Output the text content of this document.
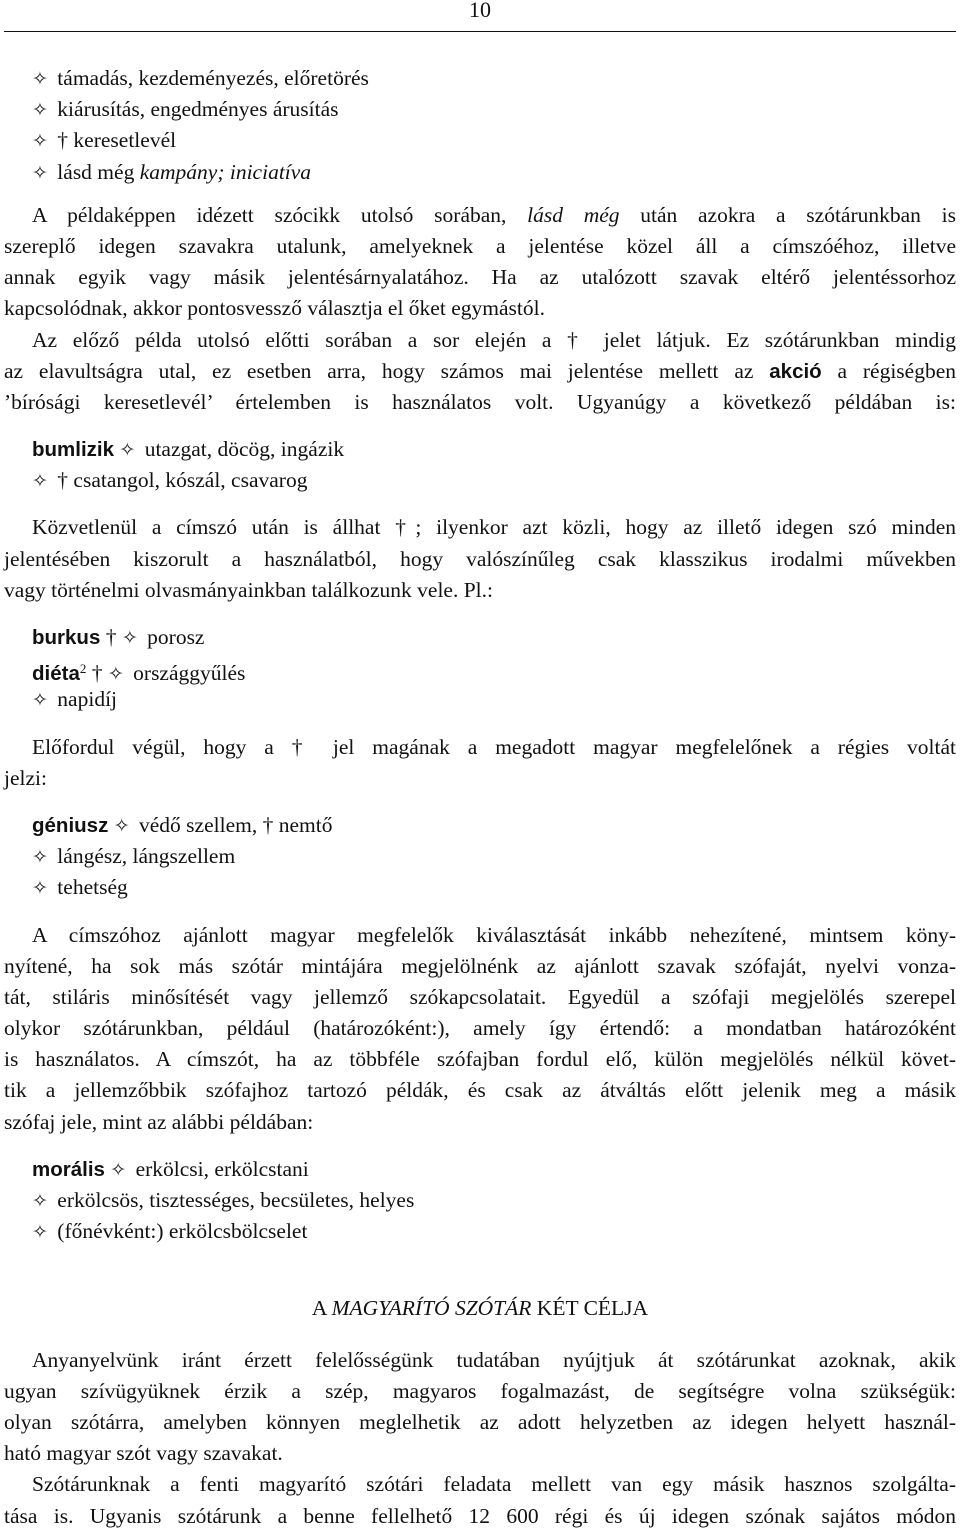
10
✧ támadás, kezdeményezés, előretörés
✧ kiárusítás, engedményes árusítás
✧ † keresetlevél
✧ lásd még kampány; iniciatíva
A példaképpen idézett szócikk utolsó sorában, lásd még után azokra a szótárunkban is
szereplő idegen szavakra utalunk, amelyeknek a jelentése közel áll a címszóéhoz, illetve
annak egyik vagy másik jelentésárnyalatához. Ha az utalózott szavak eltérő jelentéssorhoz
kapcsolódnak, akkor pontosvessző választja el őket egymástól.
Az előző példa utolsó előtti sorában a sor elején a † jelet látjuk. Ez szótárunkban mindig
az elavultságra utal, ez esetben arra, hogy számos mai jelentése mellett az akció a régiségben
’bírósági keresetlevél’ értelemben is használatos volt. Ugyanúgy a következő példában is:
bumlizik ✧ utazgat, döcög, ingázik
✧ † csatangol, kószál, csavarog
Közvetlenül a címszó után is állhat †; ilyenkor azt közli, hogy az illető idegen szó minden
jelentésében kiszorult a használatból, hogy valószínűleg csak klasszikus irodalmi művekben
vagy történelmi olvasmányainkban találkozunk vele. Pl.:
burkus † ✧ porosz
diéta$^2$ † ✧ országgyűlés
✧ napidíj
Előfordul végül, hogy a † jel magának a megadott magyar megfelelőnek a régies voltát
jelzi:
géniusz ✧ védő szellem, † nemtő
✧ lángész, lángszellem
✧ tehetség
A címszóhoz ajánlott magyar megfelelők kiválasztását inkább nehezítené, mintsem köny-
nyítené, ha sok más szótár mintájára megjelölnénk az ajánlott szavak szófaját, nyelvi vonza-
tát, stiláris minősítését vagy jellemző szókapcsolatait. Egyedül a szófaji megjelölés szerepel
olykor szótárunkban, például (határozóként:), amely így értendő: a mondatban határozóként
is használatos. A címszót, ha az többféle szófajban fordul elő, külön megjelölés nélkül követ-
tik a jellemzőbbik szófajhoz tartozó példák, és csak az átváltás előtt jelenik meg a másik
szófaj jele, mint az alábbi példában:
morális ✧ erkölcsi, erkölcstani
✧ erkölcsös, tisztességes, becsületes, helyes
✧ (főnévként:) erkölcsbölcselet
A MAGYARÍTÓ SZÓTÁR KÉT CÉLJA
Anyanyelvünk iránt érzett felelősségünk tudatában nyújtjuk át szótárunkat azoknak, akik
ugyan szívügyüknek érzik a szép, magyaros fogalmazást, de segítségre volna szükségük:
olyan szótárra, amelyben könnyen meglelhetik az adott helyzetben az idegen helyett használ-
ható magyar szót vagy szavakat.
Szótárunknak a fenti magyarító szótári feladata mellett van egy másik hasznos szolgálta-
tása is. Ugyanis szótárunk a benne fellelhető 12 600 régi és új idegen szónak sajátos módon
